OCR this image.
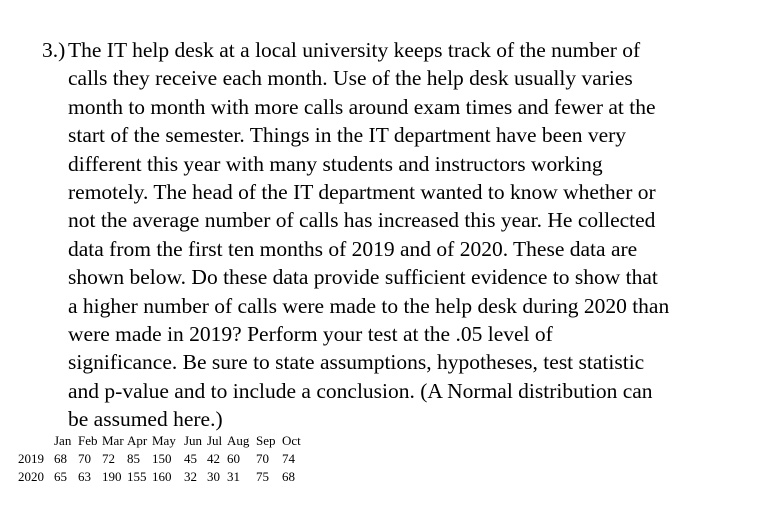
3.) The IT help desk at a local university keeps track of the number of
calls they receive each month. Use of the help desk usually varies
month to month with more calls around exam times and fewer at the
start of the semester. Things in the IT department have been very
different this year with many students and instructors working
remotely. The head of the IT department wanted to know whether or
not the average number of calls has increased this year. He collected
data from the first ten months of 2019 and of 2020. These data are
shown below. Do these data provide sufficient evidence to show that
a higher number of calls were made to the help desk during 2020 than
were made in 2019? Perform your test at the .05 level of
significance. Be sure to state assumptions, hypotheses, test statistic
and p-value and to include a conclusion. (A Normal distribution can
be assumed here.)
	Jan	Feb	Mar	Apr	May	Jun	Jul	Aug	Sep	Oct
2019	68	70	72	85	150	45	42	60	70	74
2020	65	63	190	155	160	32	30	31	75	68
